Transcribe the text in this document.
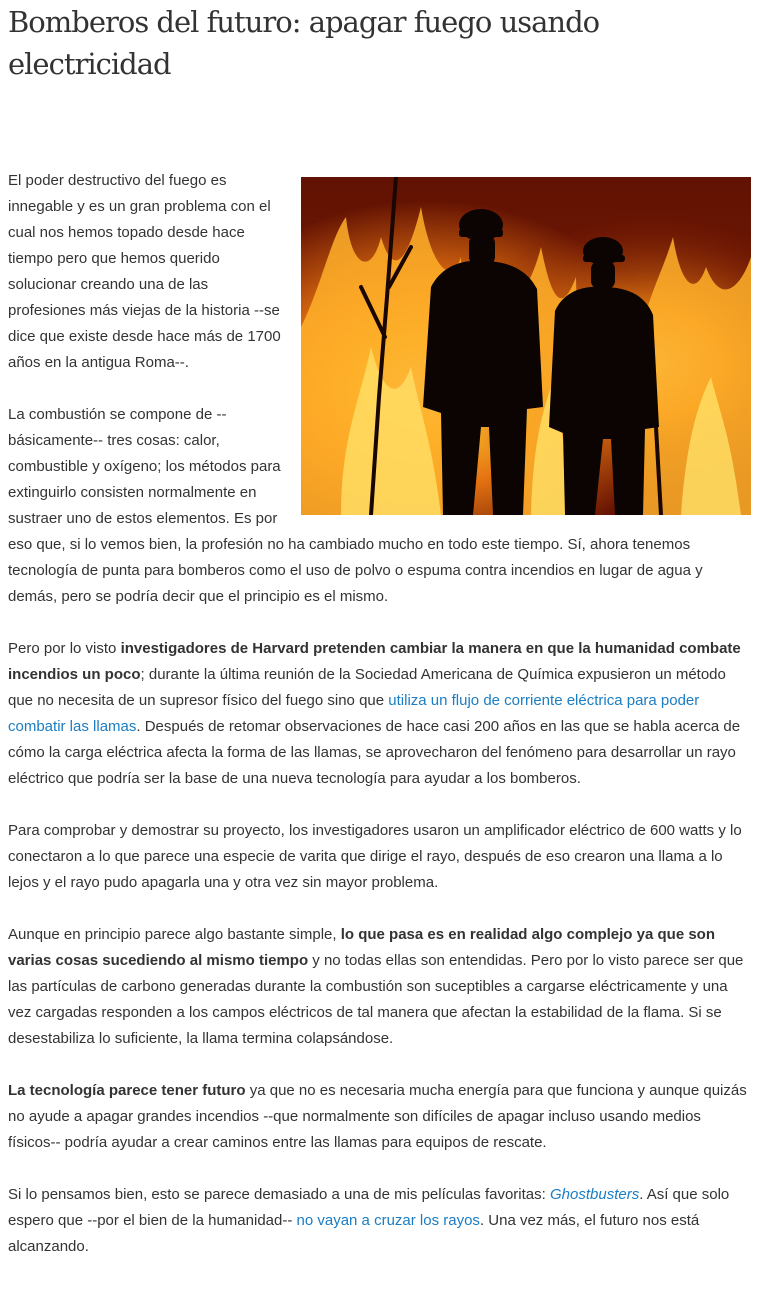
Bomberos del futuro: apagar fuego usando electricidad

El poder destructivo del fuego es innegable y es un gran problema con el cual nos hemos topado desde hace tiempo pero que hemos querido solucionar creando una de las profesiones más viejas de la historia --se dice que existe desde hace más de 1700 años en la antigua Roma--.

La combustión se compone de --básicamente-- tres cosas: calor, combustible y oxígeno; los métodos para extinguirlo consisten normalmente en sustraer uno de estos elementos. Es por eso que, si lo vemos bien, la profesión no ha cambiado mucho en todo este tiempo. Sí, ahora tenemos tecnología de punta para bomberos como el uso de polvo o espuma contra incendios en lugar de agua y demás, pero se podría decir que el principio es el mismo.

Pero por lo visto investigadores de Harvard pretenden cambiar la manera en que la humanidad combate incendios un poco; durante la última reunión de la Sociedad Americana de Química expusieron un método que no necesita de un supresor físico del fuego sino que utiliza un flujo de corriente eléctrica para poder combatir las llamas. Después de retomar observaciones de hace casi 200 años en las que se habla acerca de cómo la carga eléctrica afecta la forma de las llamas, se aprovecharon del fenómeno para desarrollar un rayo eléctrico que podría ser la base de una nueva tecnología para ayudar a los bomberos.

Para comprobar y demostrar su proyecto, los investigadores usaron un amplificador eléctrico de 600 watts y lo conectaron a lo que parece una especie de varita que dirige el rayo, después de eso crearon una llama a lo lejos y el rayo pudo apagarla una y otra vez sin mayor problema.

Aunque en principio parece algo bastante simple, lo que pasa es en realidad algo complejo ya que son varias cosas sucediendo al mismo tiempo y no todas ellas son entendidas. Pero por lo visto parece ser que las partículas de carbono generadas durante la combustión son suceptibles a cargarse eléctricamente y una vez cargadas responden a los campos eléctricos de tal manera que afectan la estabilidad de la flama. Si se desestabiliza lo suficiente, la llama termina colapsándose.

La tecnología parece tener futuro ya que no es necesaria mucha energía para que funciona y aunque quizás no ayude a apagar grandes incendios --que normalmente son difíciles de apagar incluso usando medios físicos-- podría ayudar a crear caminos entre las llamas para equipos de rescate.

Si lo pensamos bien, esto se parece demasiado a una de mis películas favoritas: Ghostbusters. Así que solo espero que --por el bien de la humanidad-- no vayan a cruzar los rayos. Una vez más, el futuro nos está alcanzando.
